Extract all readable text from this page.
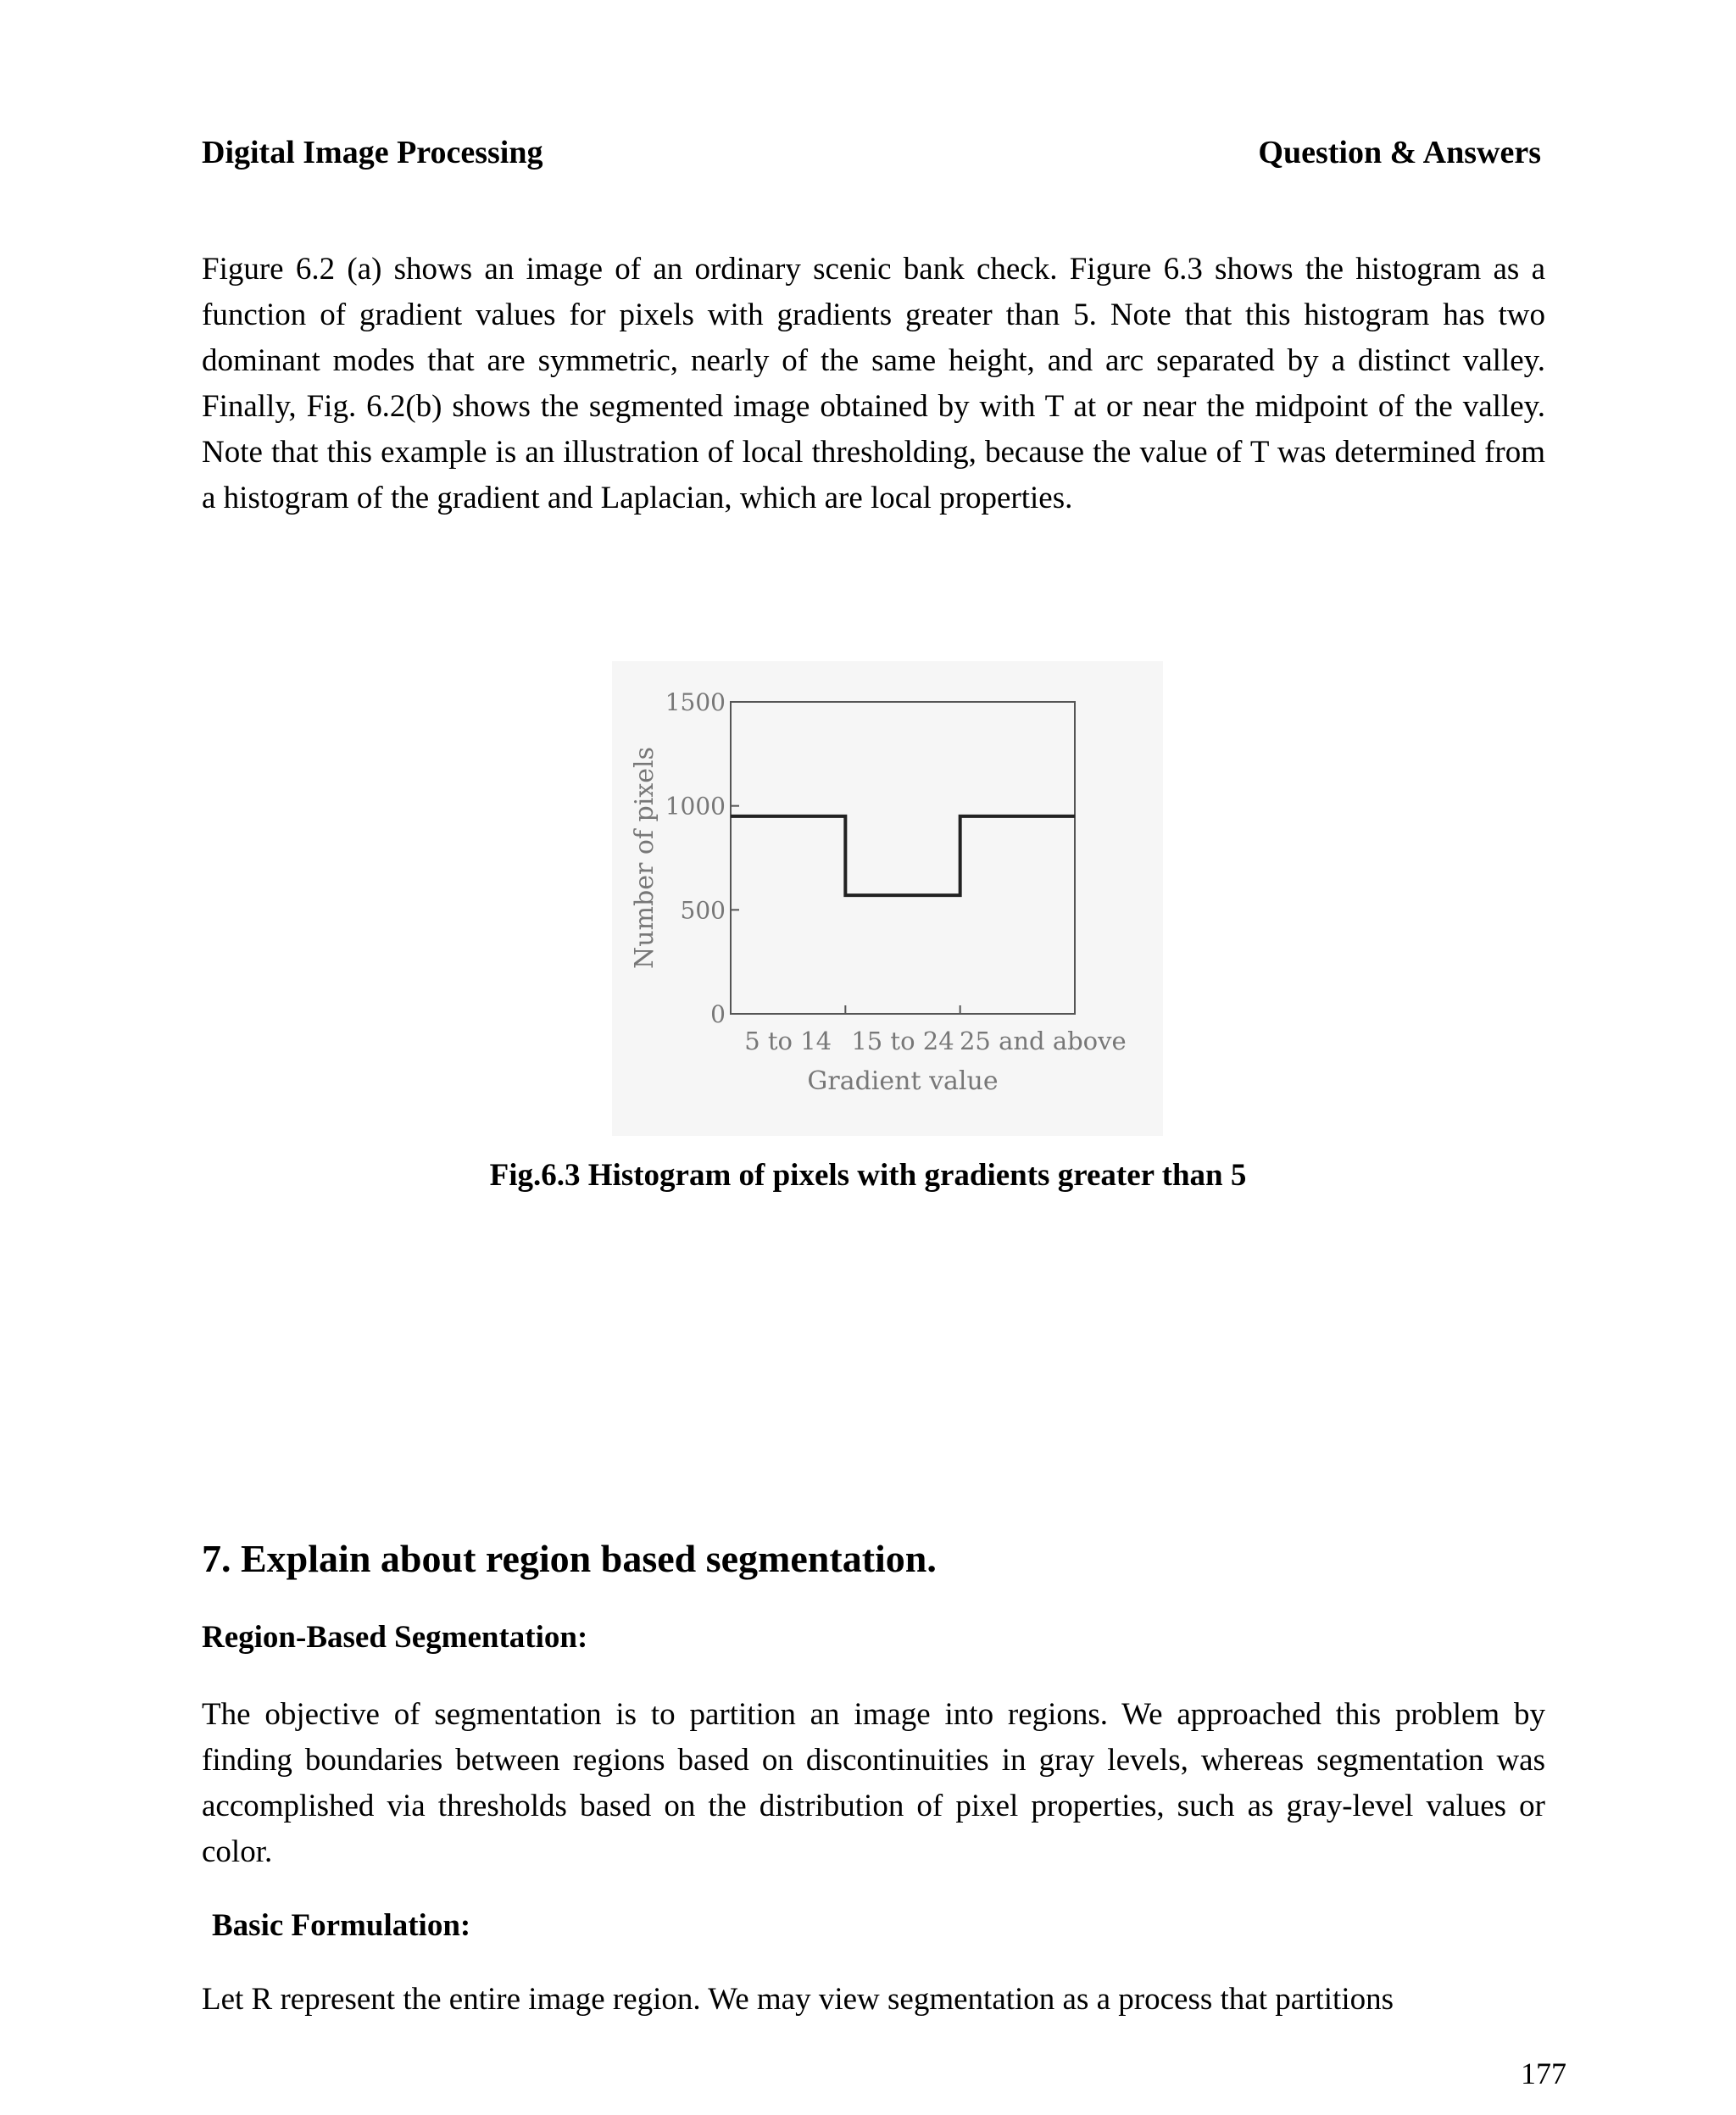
Digital Image Processing	Question & Answers
Figure 6.2 (a) shows an image of an ordinary scenic bank check. Figure 6.3 shows the histogram as a function of gradient values for pixels with gradients greater than 5. Note that this histogram has two dominant modes that are symmetric, nearly of the same height, and arc separated by a distinct valley. Finally, Fig. 6.2(b) shows the segmented image obtained by with T at or near the midpoint of the valley. Note that this example is an illustration of local thresholding, because the value of T was determined from a histogram of the gradient and Laplacian, which are local properties.
0
500
1000
1500
5 to 14 15 to 24 25 and above
Number of pixels
Gradient value
Fig.6.3 Histogram of pixels with gradients greater than 5
7. Explain about region based segmentation.
Region-Based Segmentation:
The objective of segmentation is to partition an image into regions. We approached this problem by finding boundaries between regions based on discontinuities in gray levels, whereas segmentation was accomplished via thresholds based on the distribution of pixel properties, such as gray-level values or color.
Basic Formulation:
Let R represent the entire image region. We may view segmentation as a process that partitions
177
